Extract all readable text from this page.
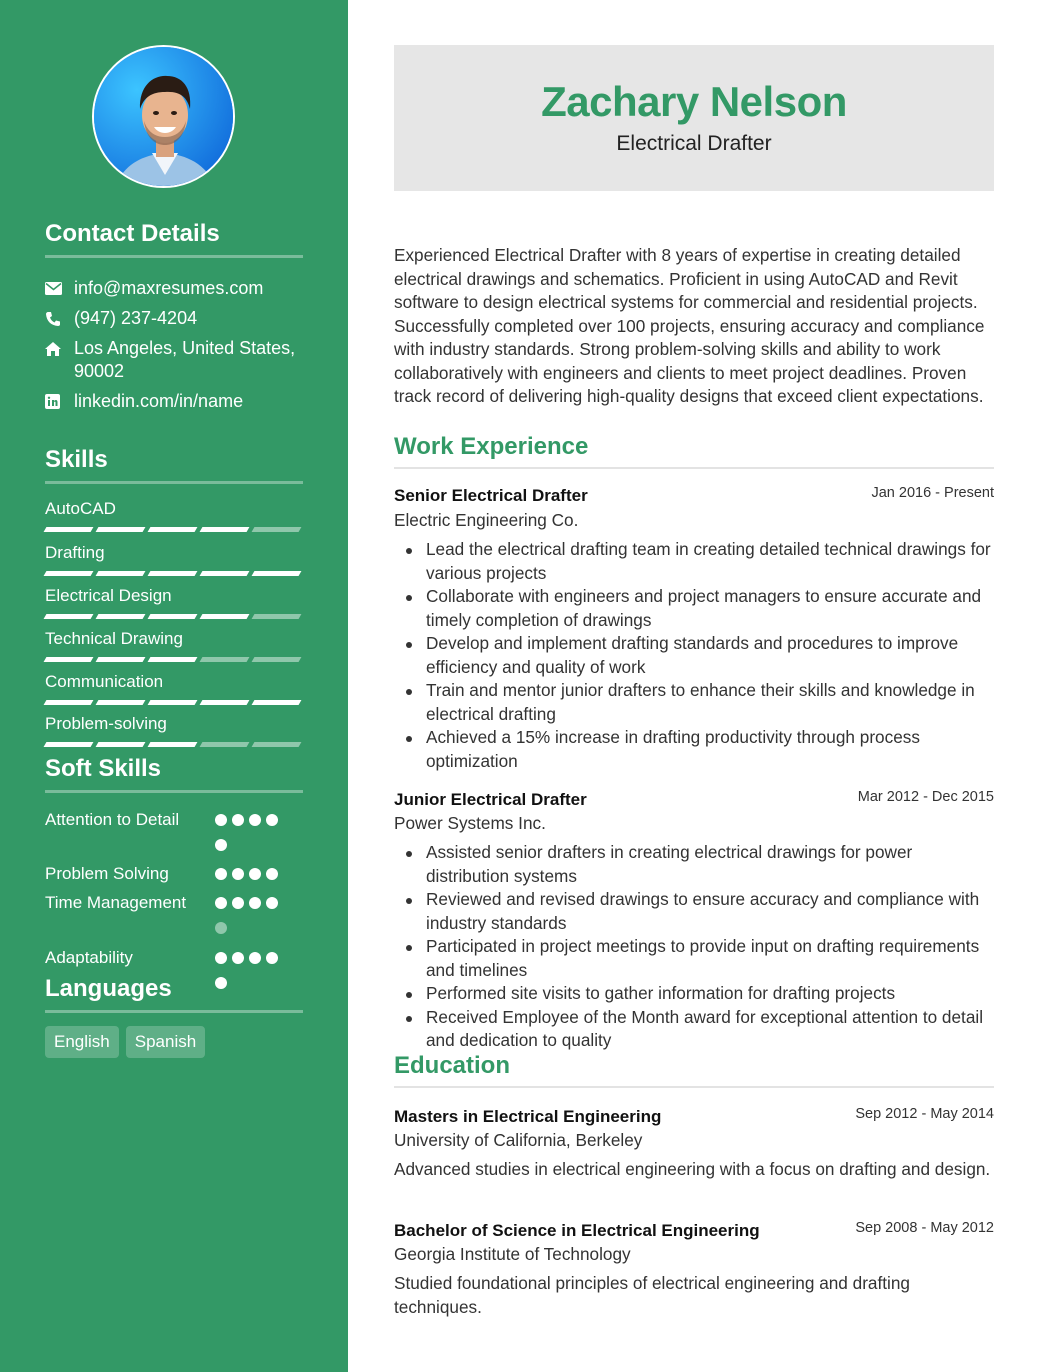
Contact Details
info@maxresumes.com
(947) 237-4204
Los Angeles, United States, 90002
linkedin.com/in/name
Skills
AutoCAD
Drafting
Electrical Design
Technical Drawing
Communication
Problem-solving
Soft Skills
Attention to Detail
Problem Solving
Time Management
Adaptability
Languages
English	Spanish
Zachary Nelson
Electrical Drafter
Experienced Electrical Drafter with 8 years of expertise in creating detailed electrical drawings and schematics. Proficient in using AutoCAD and Revit software to design electrical systems for commercial and residential projects. Successfully completed over 100 projects, ensuring accuracy and compliance with industry standards. Strong problem-solving skills and ability to work collaboratively with engineers and clients to meet project deadlines. Proven track record of delivering high-quality designs that exceed client expectations.
Work Experience
Senior Electrical Drafter	Jan 2016 - Present
Electric Engineering Co.
Lead the electrical drafting team in creating detailed technical drawings for various projects
Collaborate with engineers and project managers to ensure accurate and timely completion of drawings
Develop and implement drafting standards and procedures to improve efficiency and quality of work
Train and mentor junior drafters to enhance their skills and knowledge in electrical drafting
Achieved a 15% increase in drafting productivity through process optimization
Junior Electrical Drafter	Mar 2012 - Dec 2015
Power Systems Inc.
Assisted senior drafters in creating electrical drawings for power distribution systems
Reviewed and revised drawings to ensure accuracy and compliance with industry standards
Participated in project meetings to provide input on drafting requirements and timelines
Performed site visits to gather information for drafting projects
Received Employee of the Month award for exceptional attention to detail and dedication to quality
Education
Masters in Electrical Engineering	Sep 2012 - May 2014
University of California, Berkeley
Advanced studies in electrical engineering with a focus on drafting and design.
Bachelor of Science in Electrical Engineering	Sep 2008 - May 2012
Georgia Institute of Technology
Studied foundational principles of electrical engineering and drafting techniques.
